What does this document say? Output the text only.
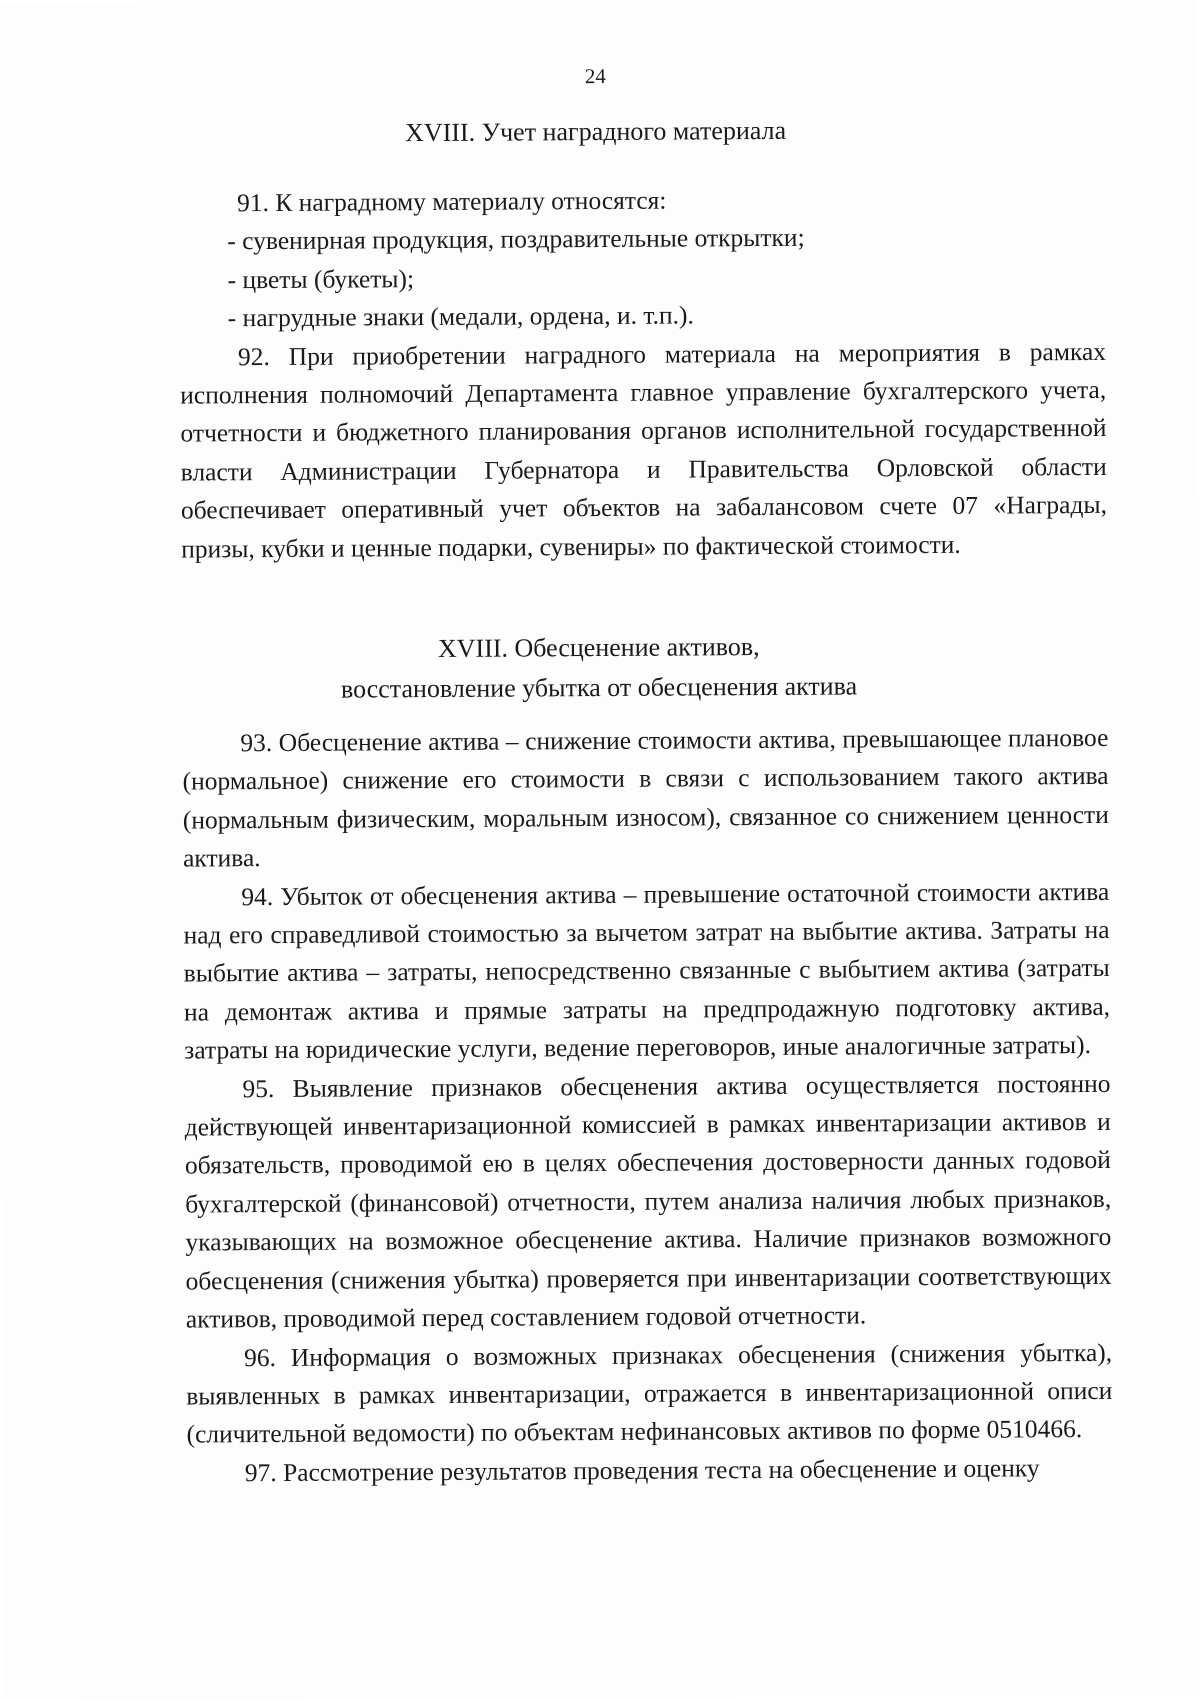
24
XVIII. Учет наградного материала

91. К наградному материалу относятся:

- сувенирная продукция, поздравительные открытки;

- цветы (букеты);

- нагрудные знаки (медали, ордена, и. т.п.).

92. При приобретении наградного материала на мероприятия в рамках исполнения полномочий Департамента главное управление бухгалтерского учета, отчетности и бюджетного планирования органов исполнительной государственной власти Администрации Губернатора и Правительства Орловской области обеспечивает оперативный учет объектов на забалансовом счете 07 «Награды, призы, кубки и ценные подарки, сувениры» по фактической стоимости.

XVIII. Обесценение активов,
восстановление убытка от обесценения актива

93. Обесценение актива – снижение стоимости актива, превышающее плановое (нормальное) снижение его стоимости в связи с использованием такого актива (нормальным физическим, моральным износом), связанное со снижением ценности актива.

94. Убыток от обесценения актива – превышение остаточной стоимости актива над его справедливой стоимостью за вычетом затрат на выбытие актива. Затраты на выбытие актива – затраты, непосредственно связанные с выбытием актива (затраты на демонтаж актива и прямые затраты на предпродажную подготовку актива, затраты на юридические услуги, ведение переговоров, иные аналогичные затраты).

95. Выявление признаков обесценения актива осуществляется постоянно действующей инвентаризационной комиссией в рамках инвентаризации активов и обязательств, проводимой ею в целях обеспечения достоверности данных годовой бухгалтерской (финансовой) отчетности, путем анализа наличия любых признаков, указывающих на возможное обесценение актива. Наличие признаков возможного обесценения (снижения убытка) проверяется при инвентаризации соответствующих активов, проводимой перед составлением годовой отчетности.

96. Информация о возможных признаках обесценения (снижения убытка), выявленных в рамках инвентаризации, отражается в инвентаризационной описи (сличительной ведомости) по объектам нефинансовых активов по форме 0510466.

97. Рассмотрение результатов проведения теста на обесценение и оценку
